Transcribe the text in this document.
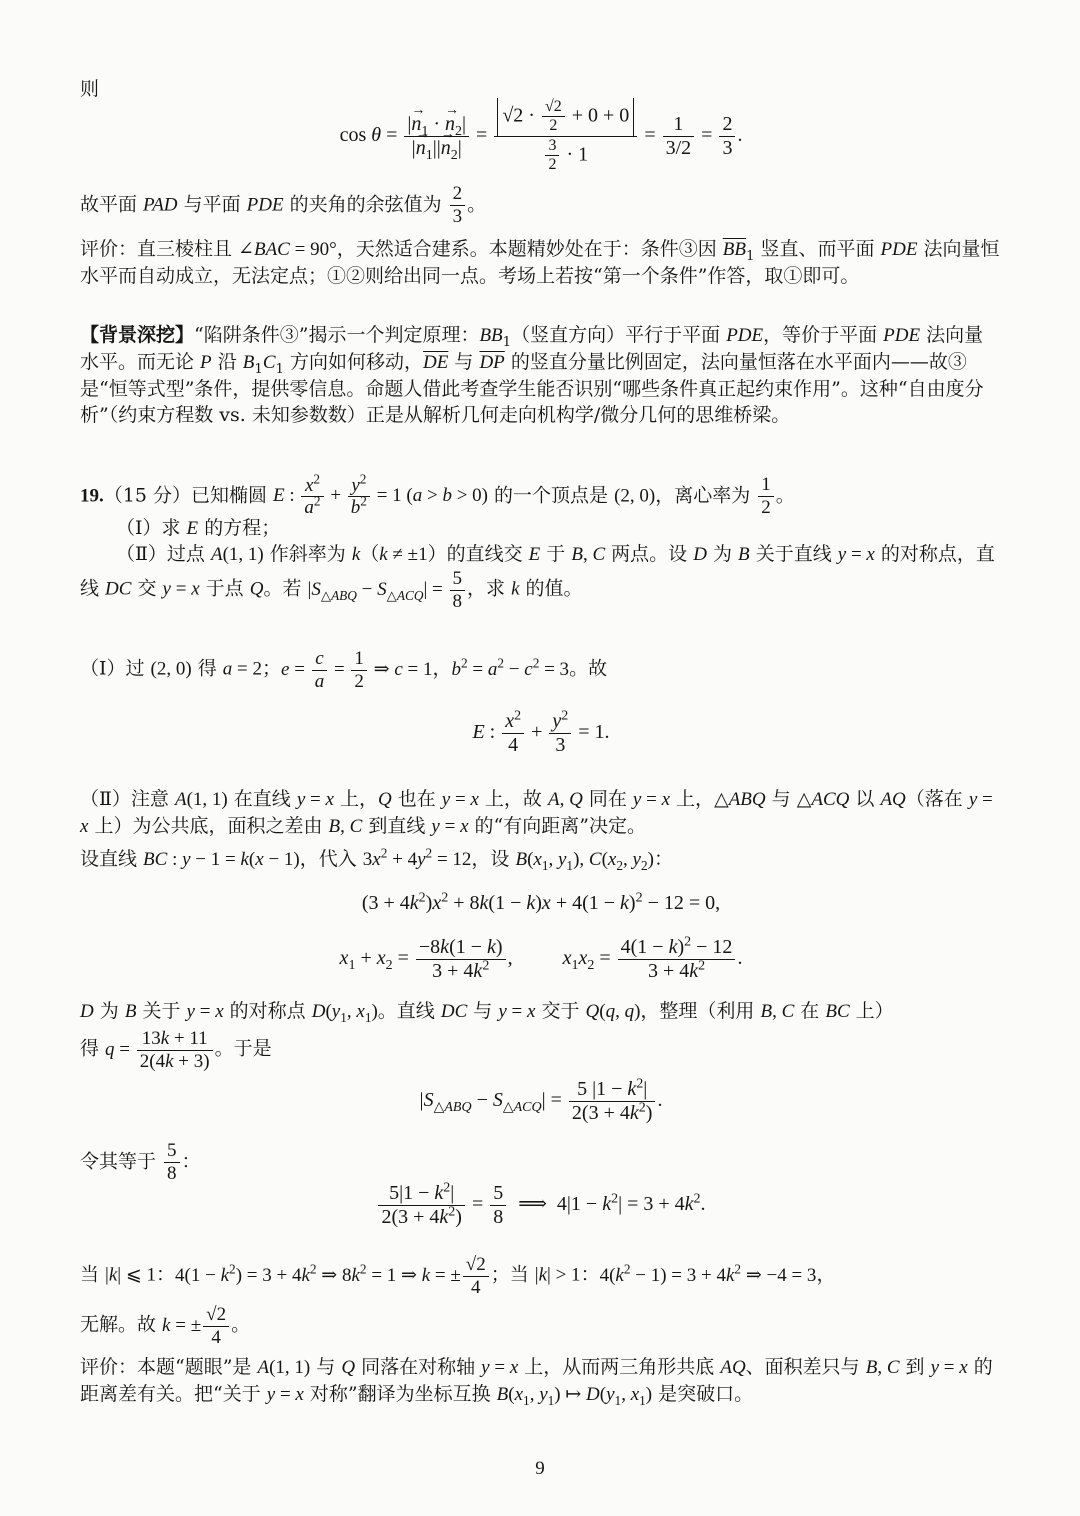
则

$\cos \theta = \frac{|\to n_1 \cdot \to n_2|}{|\to n_1||\to n_2|} = \frac{√2 \cdot \frac{√2}{2} + 0 + 0}{\frac{3}{2} \cdot 1} = \frac{1}{3/2} = \frac{2}{3}$ .

故平面 PAD 与平面 PDE 的夹角的余弦值为 $\frac{2}{3}$ 。

评价：直三棱柱且 ∠BAC = 90°，天然适合建系。本题精妙处在于：条件③因 $\overline{BB}_1$ 竖直、而平面 PDE 法向量恒水平而自动成立，无法定点；①②则给出同一点。考场上若按“第一个条件”作答，取①即可。

【背景深挖】“陷阱条件③”揭示一个判定原理：$BB_1$（竖直方向）平行于平面 PDE，等价于平面 PDE 法向量水平。而无论 P 沿 $B_1C_1$ 方向如何移动，$\overline{DE}$ 与 $\overline{DP}$ 的竖直分量比例固定，法向量恒落在水平面内——故③是“恒等式型”条件，提供零信息。命题人借此考查学生能否识别“哪些条件真正起约束作用”。这种“自由度分析”（约束方程数 vs. 未知参数数）正是从解析几何走向机构学/微分几何的思维桥梁。

19.（15 分）已知椭圆 E : $\frac{x^2}{a^2} + \frac{y^2}{b^2} = 1$ (a > b > 0) 的一个顶点是 (2, 0)，离心率为 $\frac{1}{2}$ 。

（Ⅰ）求 E 的方程；

（Ⅱ）过点 A(1, 1) 作斜率为 k（k ≠ ±1）的直线交 E 于 B, C 两点。设 D 为 B 关于直线 y = x 的对称点，直线 DC 交 y = x 于点 Q。若 $|S_{\triangle ABQ} - S_{\triangle ACQ}| = \frac{5}{8}$ ，求 k 的值。

（Ⅰ）过 (2, 0) 得 a = 2；$e = \frac{c}{a} = \frac{1}{2}$ ⇒ c = 1，$b^2 = a^2 - c^2 = 3$。故

E : $\frac{x^2}{4} + \frac{y^2}{3} = 1$.

（Ⅱ）注意 A(1, 1) 在直线 y = x 上，Q 也在 y = x 上，故 A, Q 同在 y = x 上，△ABQ 与 △ACQ 以 AQ（落在 y = x 上）为公共底，面积之差由 B, C 到直线 y = x 的“有向距离”决定。

设直线 BC : y − 1 = k(x − 1)，代入 $3x^2 + 4y^2 = 12$，设 $B(x_1$, $y_1$), $C(x_2$, $y_2$)：

$(3 + 4k^2)x^2 + 8k(1 - k)x + 4(1 - k)^2 - 12 = 0$,
$x_1 + x_2 = \frac{-8k(1 - k)}{3 + 4k^2}$ ,  $x_1x_2 = \frac{4(1 - k)^2 - 12}{3 + 4k^2}$ .

D 为 B 关于 y = x 的对称点 $D(y_1$, $x_1$)。直线 DC 与 y = x 交于 Q(q, q)，整理（利用 B, C 在 BC 上）

得 $q = \frac{13k + 11}{2(4k + 3)}$ 。于是

$|S_{\triangle ABQ} - S_{\triangle ACQ}| = \frac{5 |1 - k^2|}{2(3 + 4k^2)}$ .

令其等于 $\frac{5}{8}$ ：

$\frac{5|1 - k^2|}{2(3 + 4k^2)} = \frac{5}{8}$ ⟹  $4|1 - k^2| = 3 + 4k^2$.

当 |k| ⩽ 1：$4(1 - k^2) = 3 + 4k^2$ ⇒ $8k^2 = 1$ ⇒ k = ± $\frac{√2}{4}$ ；当 |k| > 1：$4(k^2 - 1) = 3 + 4k^2$ ⇒ −4 = 3，

无解。故 k = ± $\frac{√2}{4}$ 。

评价：本题“题眼”是 A(1, 1) 与 Q 同落在对称轴 y = x 上，从而两三角形共底 AQ、面积差只与 B, C 到 y = x 的距离差有关。把“关于 y = x 对称”翻译为坐标互换 $B(x_1$, $y_1$) ↦ $D(y_1$, $x_1$) 是突破口。

9
